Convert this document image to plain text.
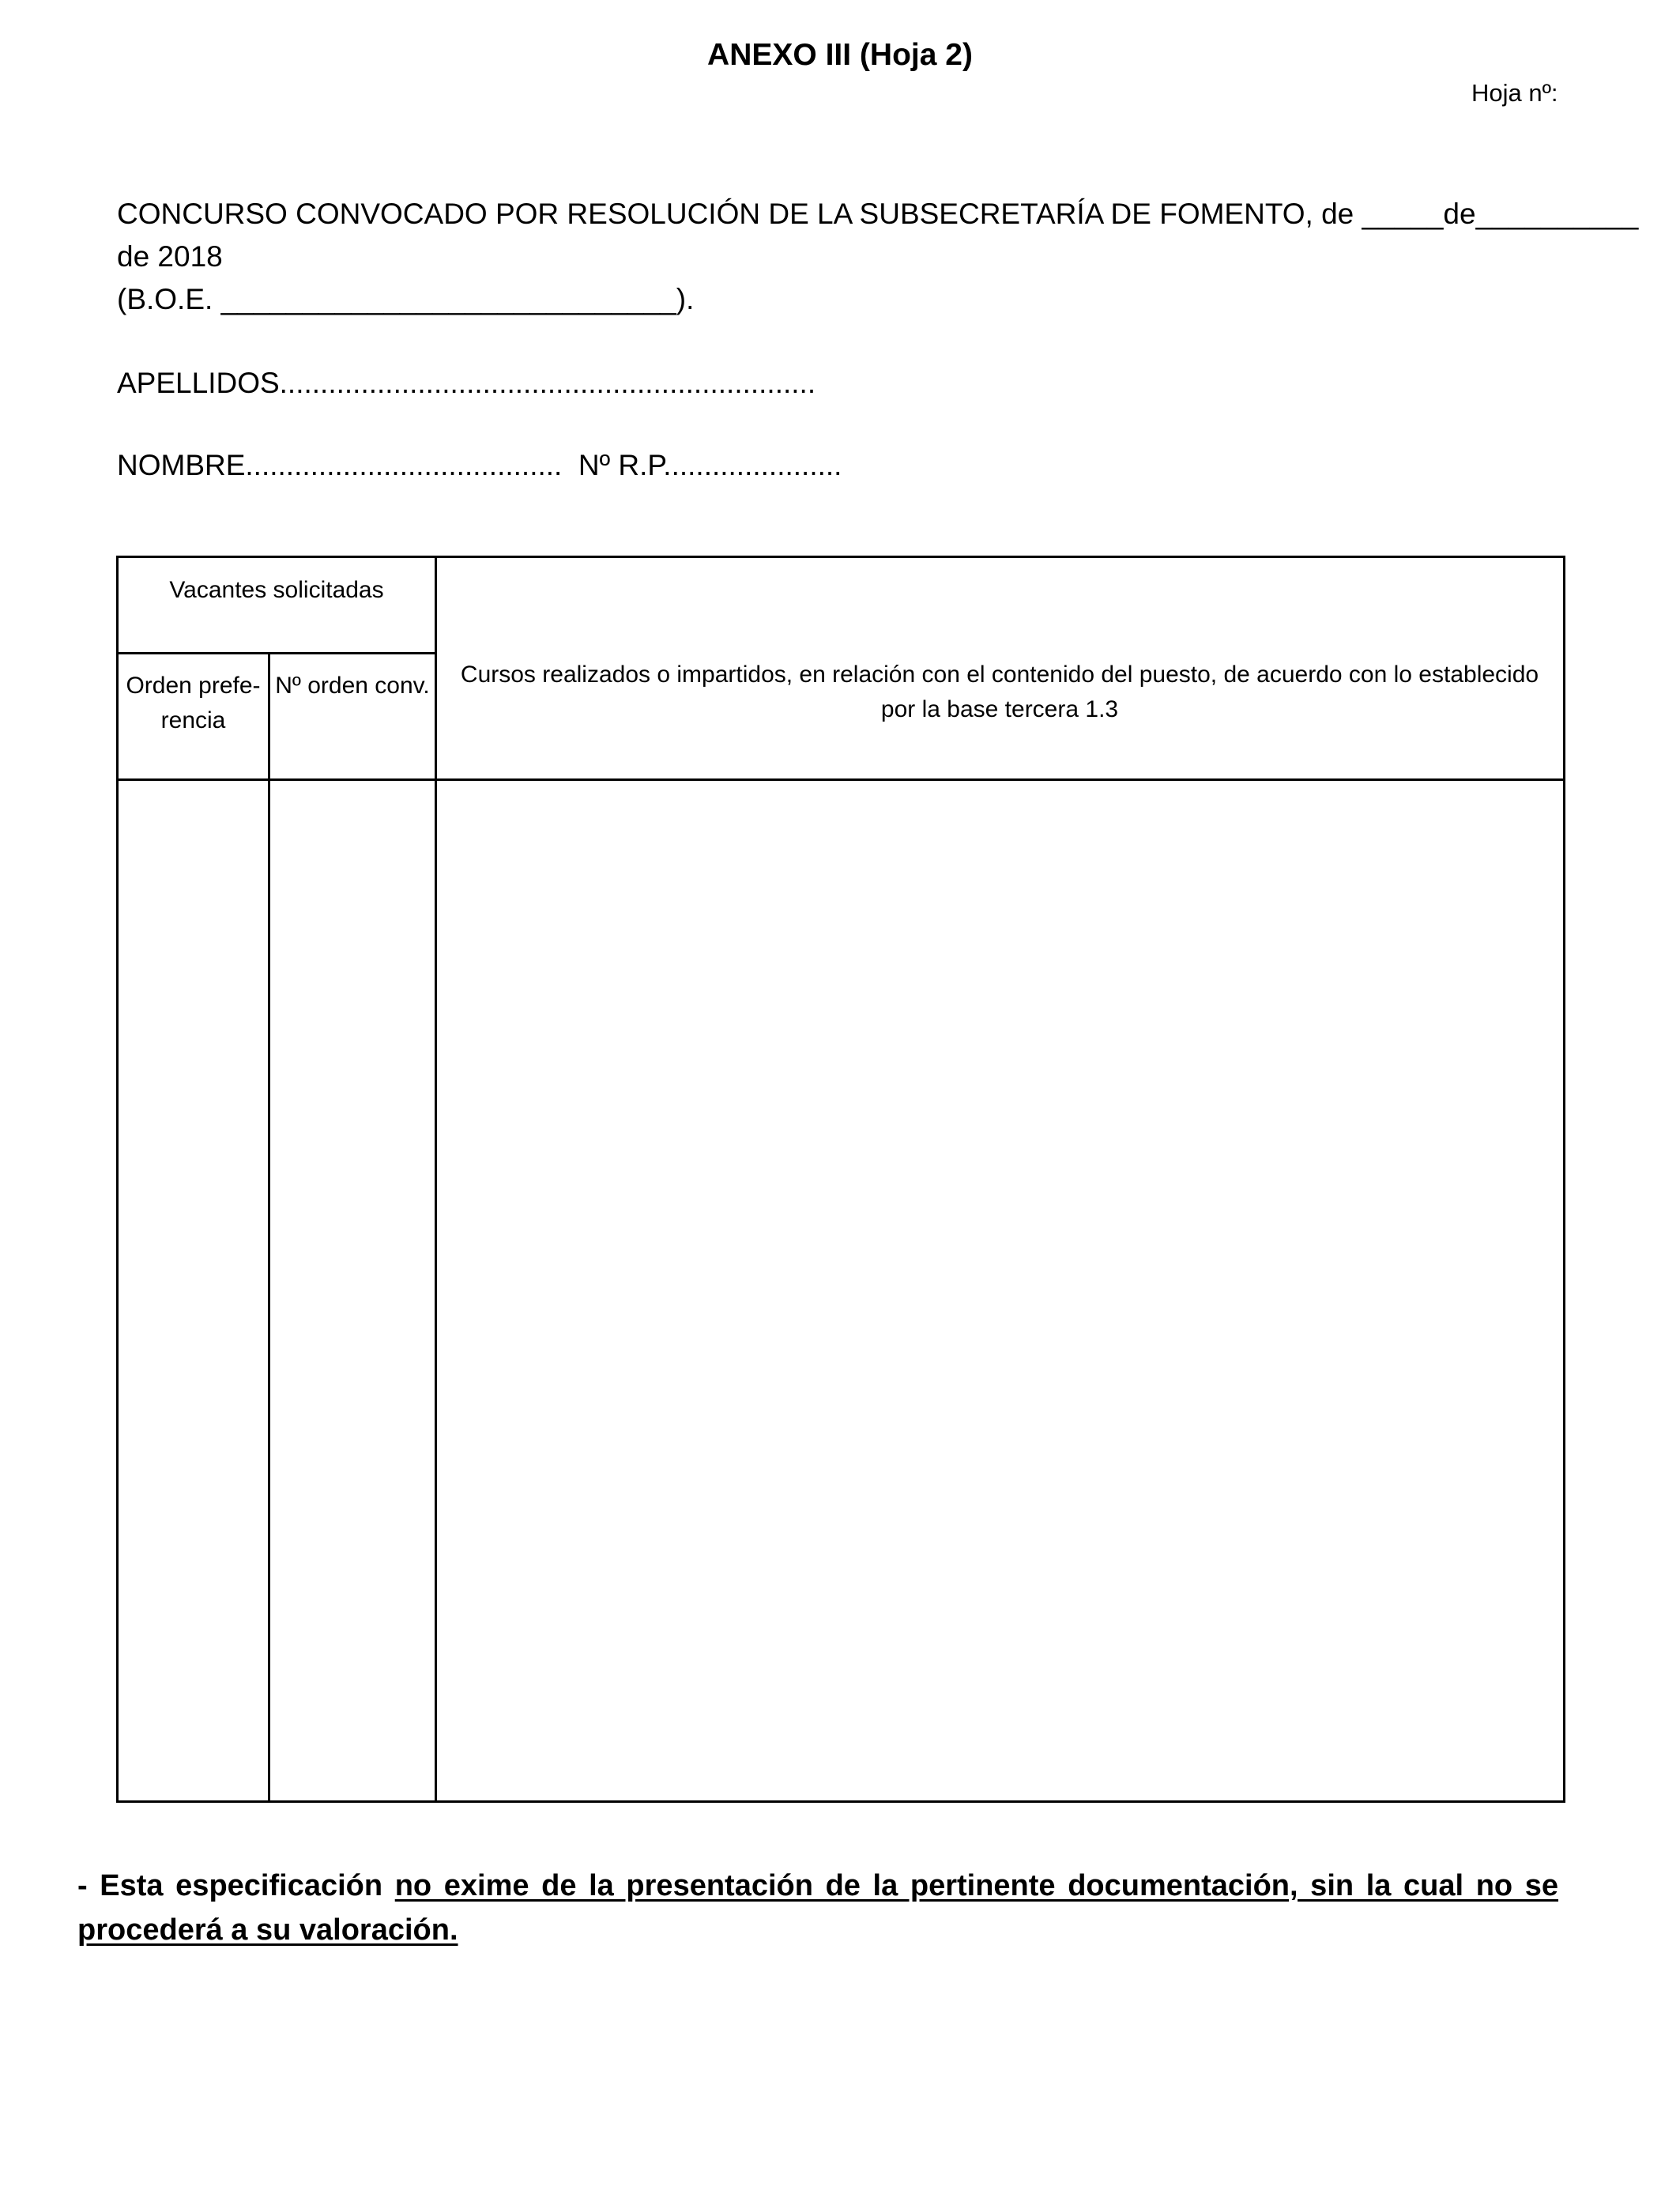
ANEXO III (Hoja 2)
Hoja nº:
CONCURSO CONVOCADO POR RESOLUCIÓN DE LA SUBSECRETARÍA DE FOMENTO, de _____de__________
de 2018
(B.O.E. ____________________________).
APELLIDOS..................................................................
NOMBRE.......................................  Nº R.P......................
Vacantes solicitadas
Orden prefe- rencia
Nº orden conv.	Cursos realizados o impartidos, en relación con el contenido del puesto, de acuerdo con lo establecido por la base tercera 1.3
- Esta especificación no exime de la presentación de la pertinente documentación, sin la cual no se procederá a su valoración.
